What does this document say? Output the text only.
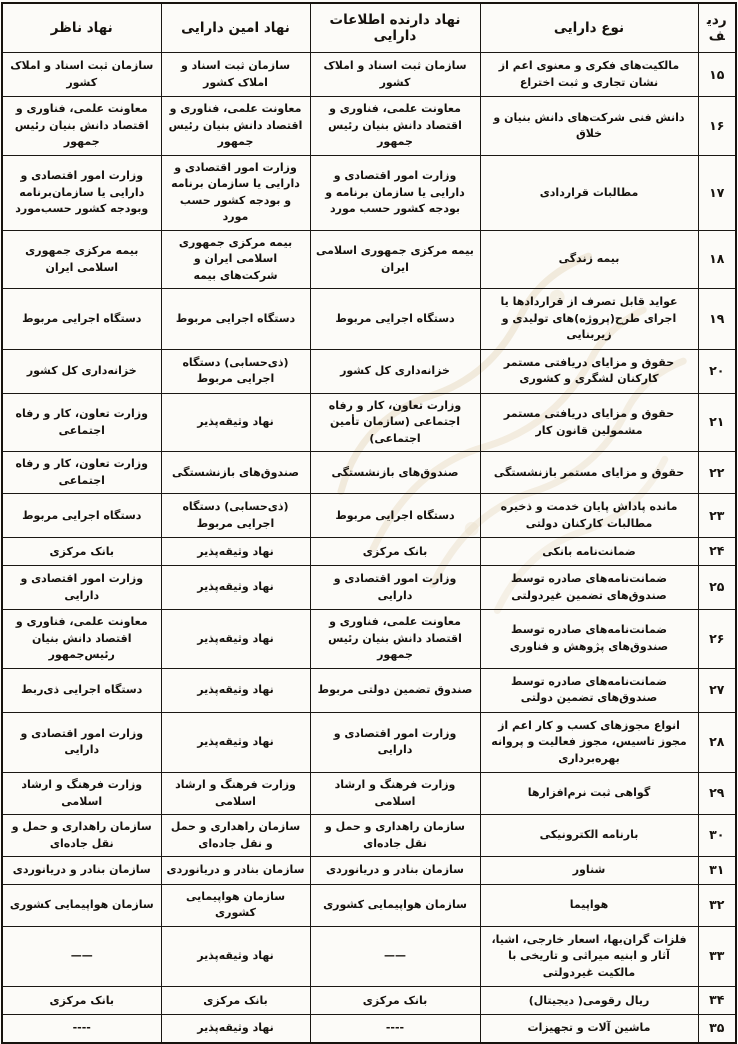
ردیف	نوع دارایی	نهاد دارنده اطلاعات دارایی	نهاد امین دارایی	نهاد ناظر
۱۵	مالکیت‌های فکری و معنوی اعم از نشان تجاری و ثبت اختراع	سازمان ثبت اسناد و املاک کشور	سازمان ثبت اسناد و املاک کشور	سازمان ثبت اسناد و املاک کشور
۱۶	دانش فنی شرکت‌های دانش بنیان و خلاق	معاونت علمی، فناوری و اقتصاد دانش بنیان رئیس جمهور	معاونت علمی، فناوری و اقتصاد دانش بنیان رئیس جمهور	معاونت علمی، فناوری و اقتصاد دانش بنیان رئیس جمهور
۱۷	مطالبات قراردادی	وزارت امور اقتصادی و دارایی یا سازمان برنامه و بودجه کشور حسب مورد	وزارت امور اقتصادی و دارایی یا سازمان برنامه و بودجه کشور حسب مورد	وزارت امور اقتصادی و دارایی یا سازمان‌برنامه وبودجه کشور حسب‌مورد
۱۸	بیمه زندگی	بیمه مرکزی جمهوری اسلامی ایران	بیمه مرکزی جمهوری اسلامی ایران و شرکت‌های بیمه	بیمه مرکزی جمهوری اسلامی ایران
۱۹	عواید قابل تصرف از قراردادها یا اجرای طرح(پروژه)های تولیدی و زیربنایی	دستگاه اجرایی مربوط	دستگاه اجرایی مربوط	دستگاه اجرایی مربوط
۲۰	حقوق و مزایای دریافتی مستمر کارکنان لشگری و کشوری	خزانه‌داری کل کشور	(ذی‌حسابی) دستگاه اجرایی مربوط	خزانه‌داری کل کشور
۲۱	حقوق و مزایای دریافتی مستمر مشمولین قانون کار	وزارت تعاون، کار و رفاه اجتماعی (سازمان تأمین اجتماعی)	نهاد وثیقه‌پذیر	وزارت تعاون، کار و رفاه اجتماعی
۲۲	حقوق و مزایای مستمر بازنشستگی	صندوق‌های بازنشستگی	صندوق‌های بازنشستگی	وزارت تعاون، کار و رفاه اجتماعی
۲۳	مانده پاداش پایان خدمت و ذخیره مطالبات کارکنان دولتی	دستگاه اجرایی مربوط	(ذی‌حسابی) دستگاه اجرایی مربوط	دستگاه اجرایی مربوط
۲۴	ضمانت‌نامه بانکی	بانک مرکزی	نهاد وثیقه‌پذیر	بانک مرکزی
۲۵	ضمانت‌نامه‌های صادره توسط صندوق‌های تضمین غیردولتی	وزارت امور اقتصادی و دارایی	نهاد وثیقه‌پذیر	وزارت امور اقتصادی و دارایی
۲۶	ضمانت‌نامه‌های صادره توسط صندوق‌های پژوهش و فناوری	معاونت علمی، فناوری و اقتصاد دانش بنیان رئیس جمهور	نهاد وثیقه‌پذیر	معاونت علمی، فناوری و اقتصاد دانش بنیان رئیس‌جمهور
۲۷	ضمانت‌نامه‌های صادره توسط صندوق‌های تضمین دولتی	صندوق تضمین دولتی مربوط	نهاد وثیقه‌پذیر	دستگاه اجرایی ذی‌ربط
۲۸	انواع مجوزهای کسب و کار اعم از مجوز تاسیس، مجوز فعالیت و پروانه بهره‌برداری	وزارت امور اقتصادی و دارایی	نهاد وثیقه‌پذیر	وزارت امور اقتصادی و دارایی
۲۹	گواهی ثبت نرم‌افزارها	وزارت فرهنگ و ارشاد اسلامی	وزارت فرهنگ و ارشاد اسلامی	وزارت فرهنگ و ارشاد اسلامی
۳۰	بارنامه الکترونیکی	سازمان راهداری و حمل و نقل جاده‌ای	سازمان راهداری و حمل و نقل جاده‌ای	سازمان راهداری و حمل و نقل جاده‌ای
۳۱	شناور	سازمان بنادر و دریانوردی	سازمان بنادر و دریانوردی	سازمان بنادر و دریانوردی
۳۲	هواپیما	سازمان هواپیمایی کشوری	سازمان هواپیمایی کشوری	سازمان هواپیمایی کشوری
۳۳	فلزات گران‌بها، اسعار خارجی، اشیا، آثار و ابنیه میراثی و تاریخی با مالکیت غیردولتی	——	نهاد وثیقه‌پذیر	——
۳۴	ریال رقومی( دیجیتال)	بانک مرکزی	بانک مرکزی	بانک مرکزی
۳۵	ماشین آلات و تجهیزات	----	نهاد وثیقه‌پذیر	----
